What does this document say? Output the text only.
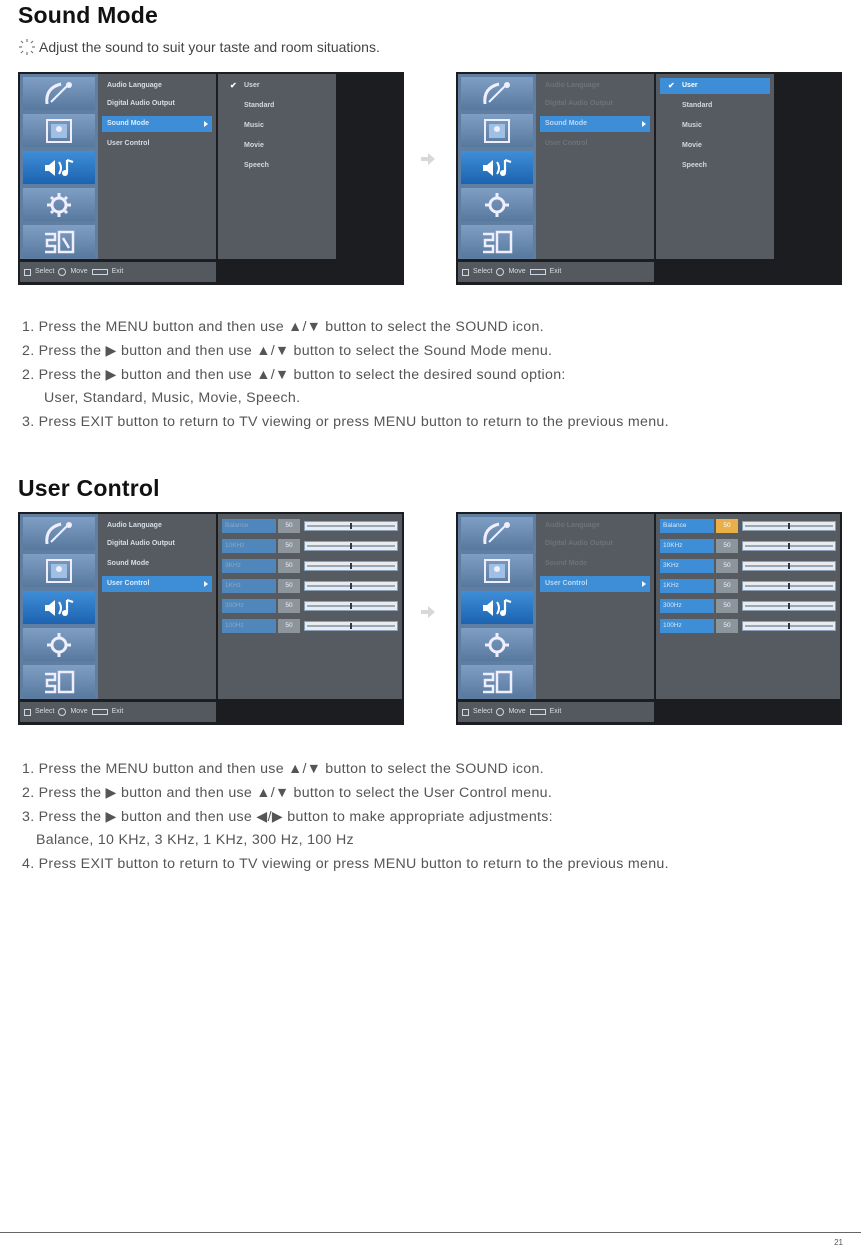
Sound Mode
Adjust the sound to suit your taste and room situations.
Audio Language
Digital Audio Output
Sound Mode
User Control
✔ User
Standard
Music
Movie
Speech
Select Move	Exit
Audio Language
Digital Audio Output
Sound Mode
User Control
✔ User
Standard
Music
Movie
Speech
Select Move	Exit
1. Press the MENU button and then use ▲/▼ button to select the SOUND icon.
2. Press the ▶ button and then use ▲/▼ button to select the Sound Mode menu.
2. Press the ▶ button and then use ▲/▼ button to select the desired sound option:
User, Standard, Music, Movie, Speech.
3. Press EXIT button to return to TV viewing or press MENU button to return to the previous menu.
User Control
Audio Language
Digital Audio Output
Sound Mode
User Control
Balance	50
10KHz	50
3KHz	50
1KHz	50
300Hz	50
100Hz	50
Select Move	Exit
Audio Language
Digital Audio Output
Sound Mode
User Control
Balance	50
10KHz	50
3KHz	50
1KHz	50
300Hz	50
100Hz	50
Select Move	Exit
1. Press the MENU button and then use ▲/▼ button to select the SOUND icon.
2. Press the ▶ button and then use ▲/▼ button to select the User Control menu.
3. Press the ▶ button and then use ◀/▶ button to make appropriate adjustments:
Balance, 10 KHz, 3 KHz, 1 KHz, 300 Hz, 100 Hz
4. Press EXIT button to return to TV viewing or press MENU button to return to the previous menu.
21
